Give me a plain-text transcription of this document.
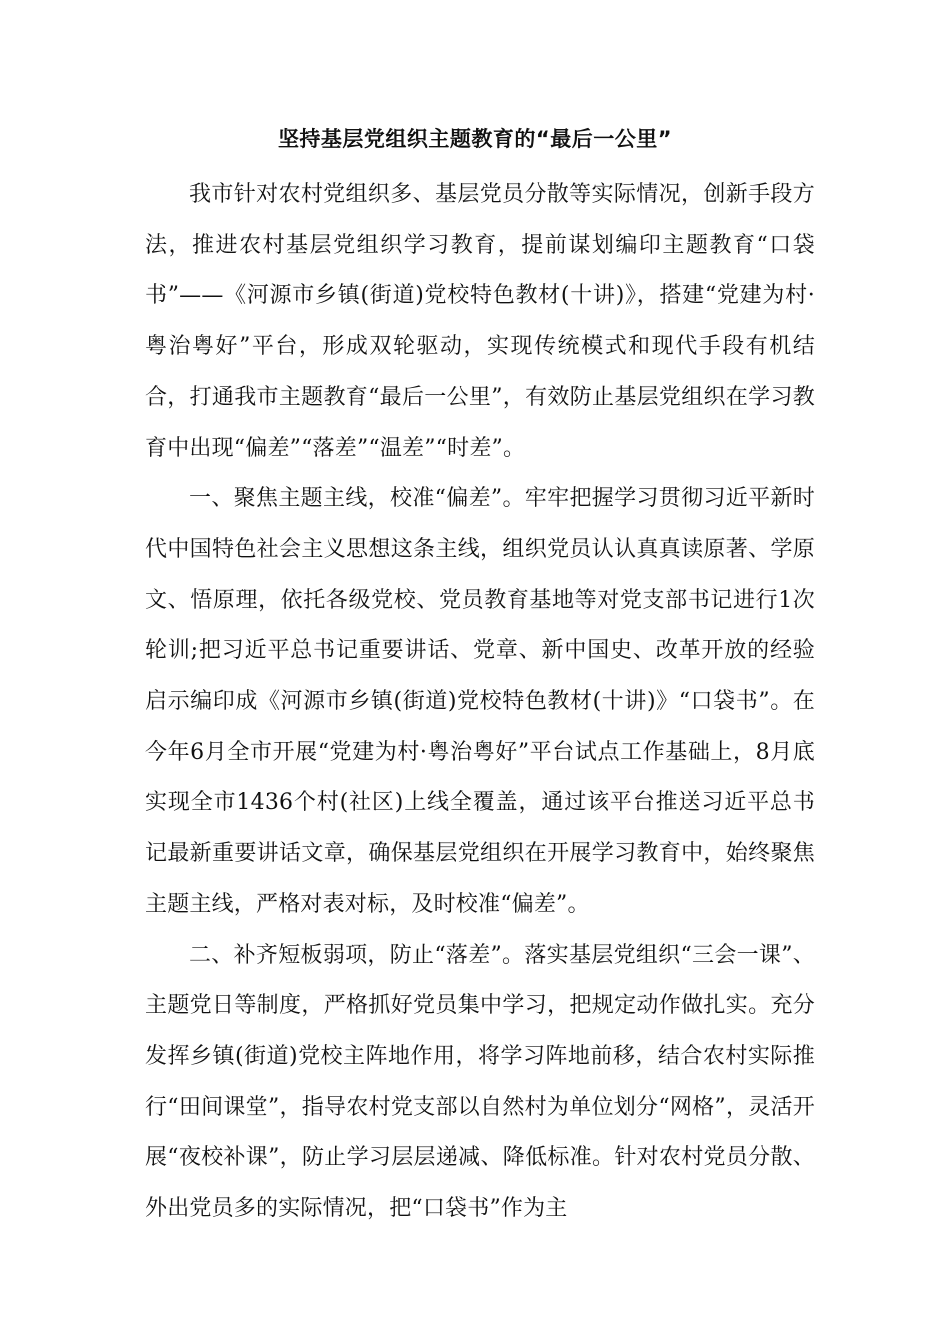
坚持基层党组织主题教育的“最后一公里”

我市针对农村党组织多、基层党员分散等实际情况，创新手段方法，推进农村基层党组织学习教育，提前谋划编印主题教育“口袋书”——《河源市乡镇(街道)党校特色教材(十讲)》，搭建“党建为村·粤治粤好”平台，形成双轮驱动，实现传统模式和现代手段有机结合，打通我市主题教育“最后一公里”，有效防止基层党组织在学习教育中出现“偏差”“落差”“温差”“时差”。

一、聚焦主题主线，校准“偏差”。牢牢把握学习贯彻习近平新时代中国特色社会主义思想这条主线，组织党员认认真真读原著、学原文、悟原理，依托各级党校、党员教育基地等对党支部书记进行1次轮训;把习近平总书记重要讲话、党章、新中国史、改革开放的经验启示编印成《河源市乡镇(街道)党校特色教材(十讲)》“口袋书”。在今年6月全市开展“党建为村·粤治粤好”平台试点工作基础上，8月底实现全市1436个村(社区)上线全覆盖，通过该平台推送习近平总书记最新重要讲话文章，确保基层党组织在开展学习教育中，始终聚焦主题主线，严格对表对标，及时校准“偏差”。

二、补齐短板弱项，防止“落差”。落实基层党组织“三会一课”、主题党日等制度，严格抓好党员集中学习，把规定动作做扎实。充分发挥乡镇(街道)党校主阵地作用，将学习阵地前移，结合农村实际推行“田间课堂”，指导农村党支部以自然村为单位划分“网格”，灵活开展“夜校补课”，防止学习层层递减、降低标准。针对农村党员分散、外出党员多的实际情况，把“口袋书”作为主
